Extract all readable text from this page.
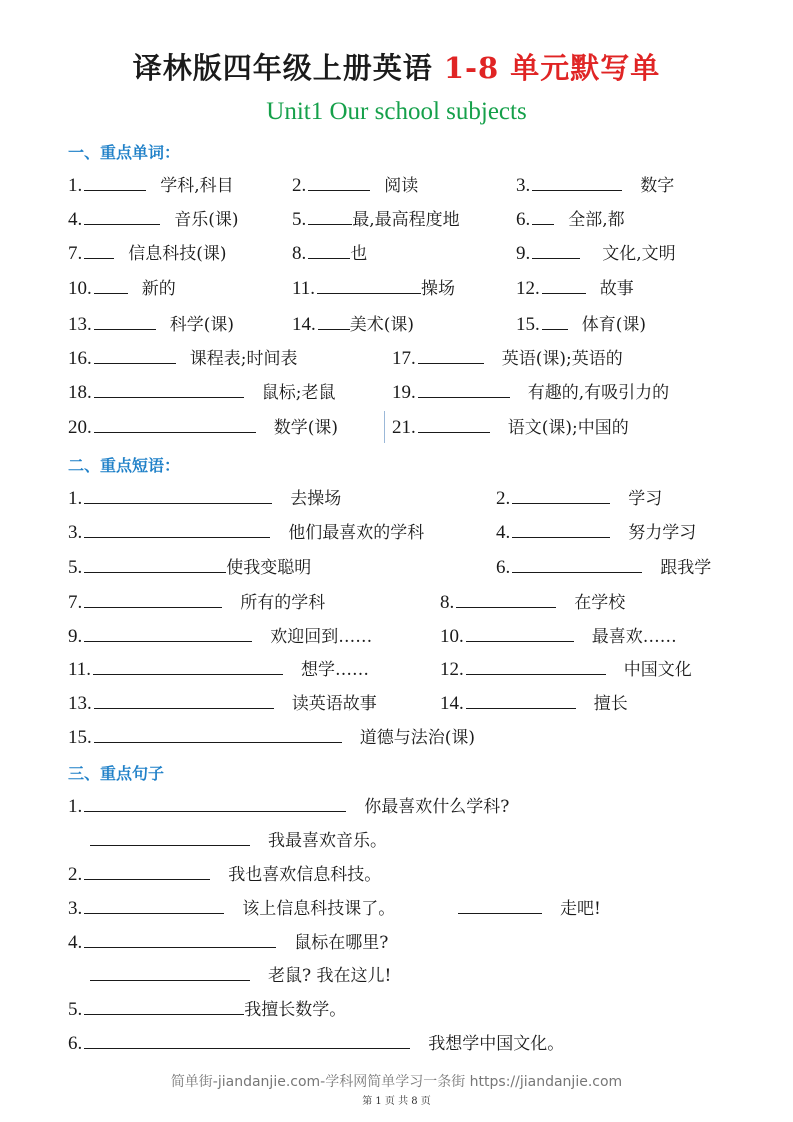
译林版四年级上册英语 1-8 单元默写单
Unit1 Our school subjects
一、重点单词：
二、重点短语：
三、重点句子
1.	学科,科目	2.	阅读	3.	数字
4.	音乐(课)	5.	最,最高程度地	6. 全部,都
7.	信息科技(课)	8.	也	9.	文化,文明
10.	新的	11.	操场	12.	故事
13.	科学(课)	14. 美术(课)	15. 体育(课)
16.	课程表;时间表	17.	英语(课);英语的
18.	鼠标;老鼠	19.	有趣的,有吸引力的
20.	数学(课)	21.	语文(课);中国的
1.	去操场	2.	学习
3.	他们最喜欢的学科	4.	努力学习
5.	使我变聪明	6.	跟我学
7.	所有的学科	8.	在学校
9.	欢迎回到……	10.	最喜欢……
11.	想学……	12.	中国文化
13.	读英语故事	14.	擅长
15.	道德与法治(课)
1.	你最喜欢什么学科?
我最喜欢音乐。
2.	我也喜欢信息科技。
3.	该上信息科技课了。	走吧!
4.	鼠标在哪里?
老鼠? 我在这儿!
5.	我擅长数学。
6.	我想学中国文化。
简单街-jiandanjie.com-学科网简单学习一条街 https://jiandanjie.com
第 1 页 共 8 页
